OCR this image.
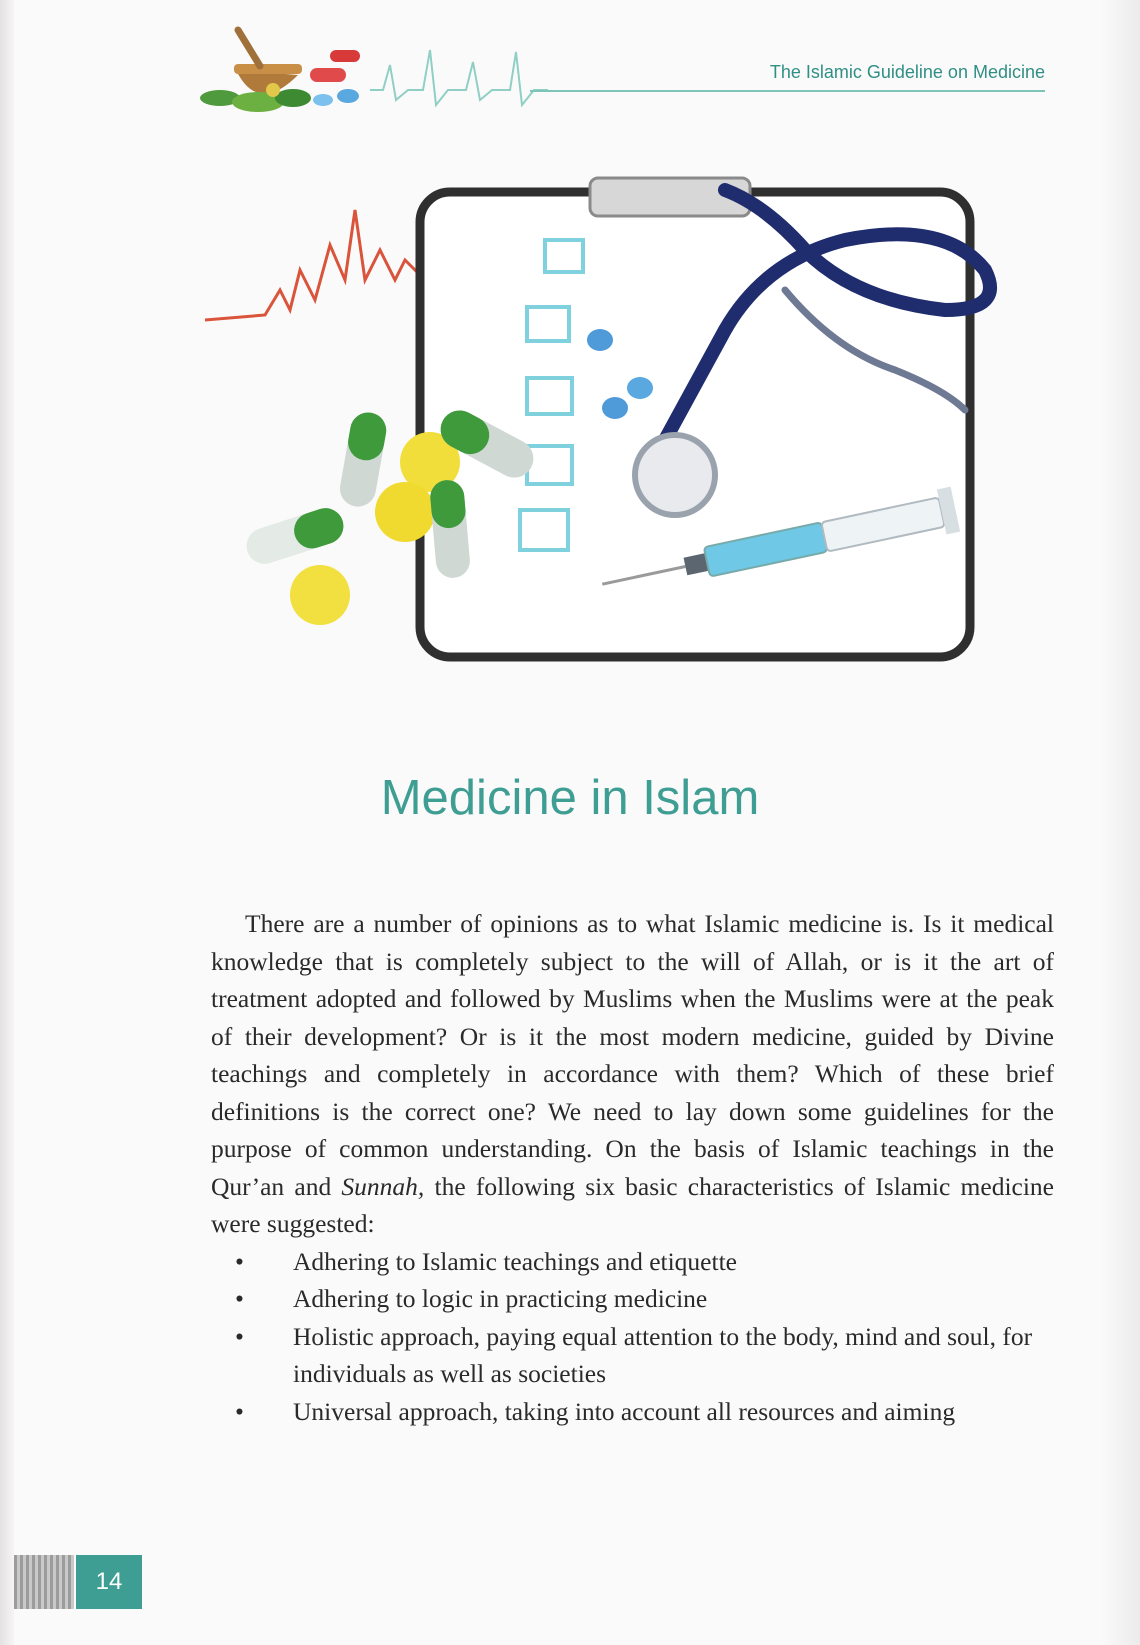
The Islamic Guideline on Medicine
Medicine in Islam

There are a number of opinions as to what Islamic medicine is. Is it medical knowledge that is completely subject to the will of Allah, or is it the art of treatment adopted and followed by Muslims when the Muslims were at the peak of their development? Or is it the most modern medicine, guided by Divine teachings and completely in accordance with them? Which of these brief definitions is the correct one? We need to lay down some guidelines for the purpose of common understanding. On the basis of Islamic teachings in the Qur’an and Sunnah, the following six basic characteristics of Islamic medicine were suggested:

• Adhering to Islamic teachings and etiquette
• Adhering to logic in practicing medicine
• Holistic approach, paying equal attention to the body, mind and soul, for individuals as well as societies
• Universal approach, taking into account all resources and aiming
14
